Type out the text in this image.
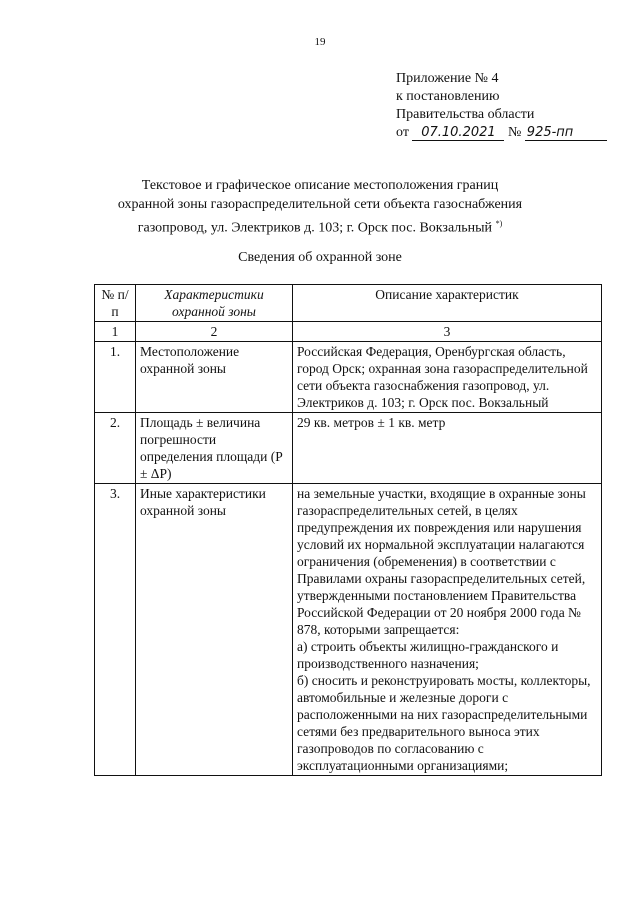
19
Приложение № 4
к постановлению
Правительства области
от 07.10.2021 № 925-пп
Текстовое и графическое описание местоположения границ
охранной зоны газораспределительной сети объекта газоснабжения
газопровод, ул. Электриков д. 103; г. Орск пос. Вокзальный *)
Сведения об охранной зоне
№ п/п	Характеристики охранной зоны	Описание характеристик
1	2	3
1.	Местоположение охранной зоны	Российская Федерация, Оренбургская область, город Орск; охранная зона газораспределительной сети объекта газоснабжения газопровод, ул. Электриков д. 103; г. Орск пос. Вокзальный
2.	Площадь ± величина погрешности определения площади (Р ± ΔР)	29 кв. метров ± 1 кв. метр
3.	Иные характеристики охранной зоны	на земельные участки, входящие в охранные зоны газораспределительных сетей, в целях предупреждения их повреждения или нарушения условий их нормальной эксплуатации налагаются ограничения (обременения) в соответствии с Правилами охраны газораспределительных сетей, утвержденными постановлением Правительства Российской Федерации от 20 ноября 2000 года № 878, которыми запрещается:
а) строить объекты жилищно-гражданского и производственного назначения;
б) сносить и реконструировать мосты, коллекторы, автомобильные и железные дороги с расположенными на них газораспределительными сетями без предварительного выноса этих газопроводов по согласованию с эксплуатационными организациями;
